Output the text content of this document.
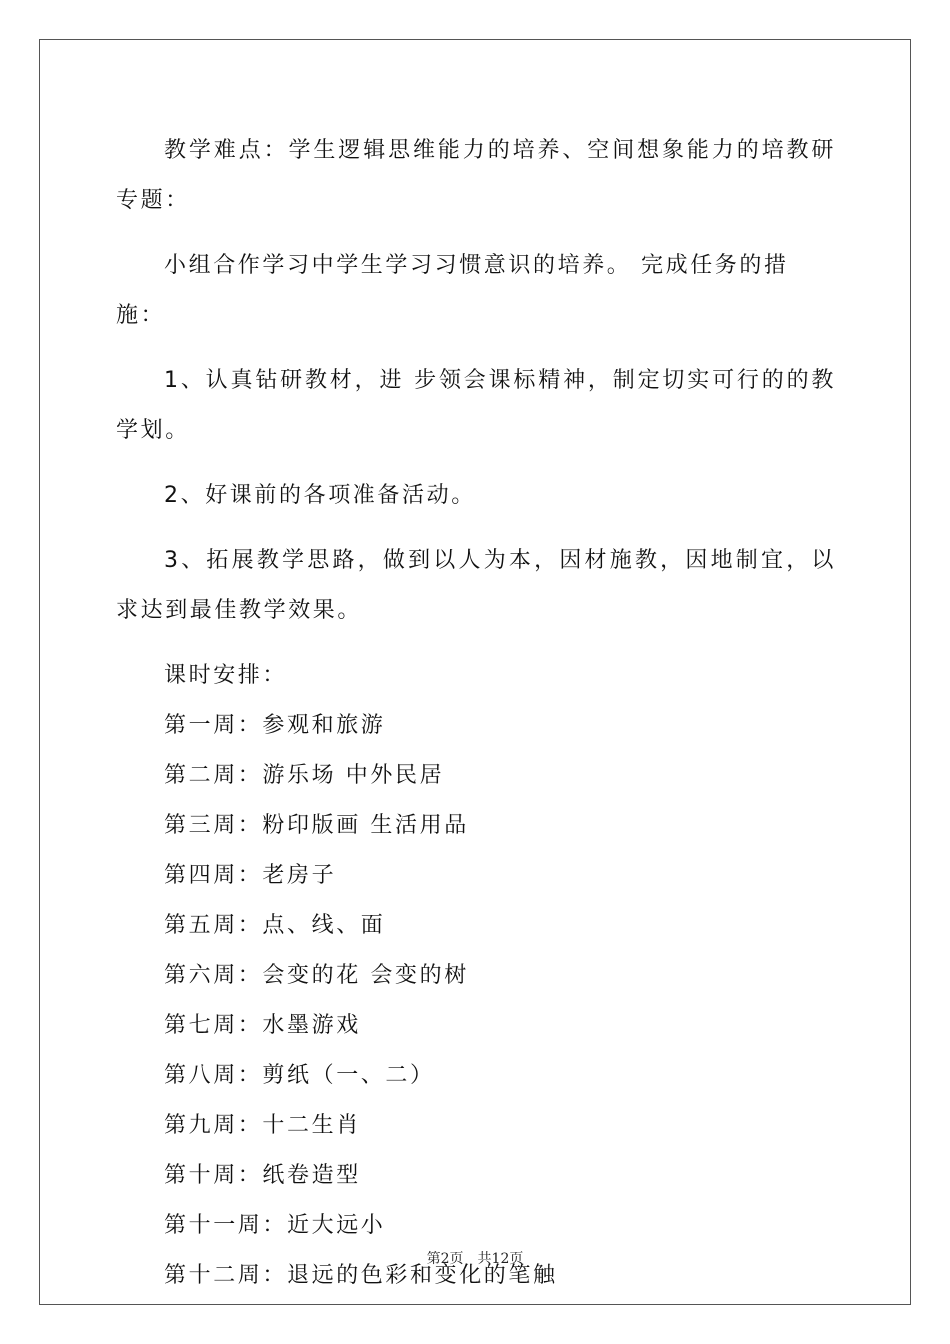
教学难点：学生逻辑思维能力的培养、空间想象能力的培教研专题：

小组合作学习中学生学习习惯意识的培养。 完成任务的措施：

1、认真钻研教材，进 步领会课标精神，制定切实可行的的教学划。

2、好课前的各项准备活动。

3、拓展教学思路，做到以人为本，因材施教，因地制宜，以求达到最佳教学效果。

课时安排：

第一周：参观和旅游

第二周：游乐场 中外民居

第三周：粉印版画 生活用品

第四周：老房子

第五周：点、线、面

第六周：会变的花 会变的树

第七周：水墨游戏

第八周：剪纸（一、二）

第九周：十二生肖

第十周：纸卷造型

第十一周：近大远小

第十二周：退远的色彩和变化的笔触

第2页　共12页
